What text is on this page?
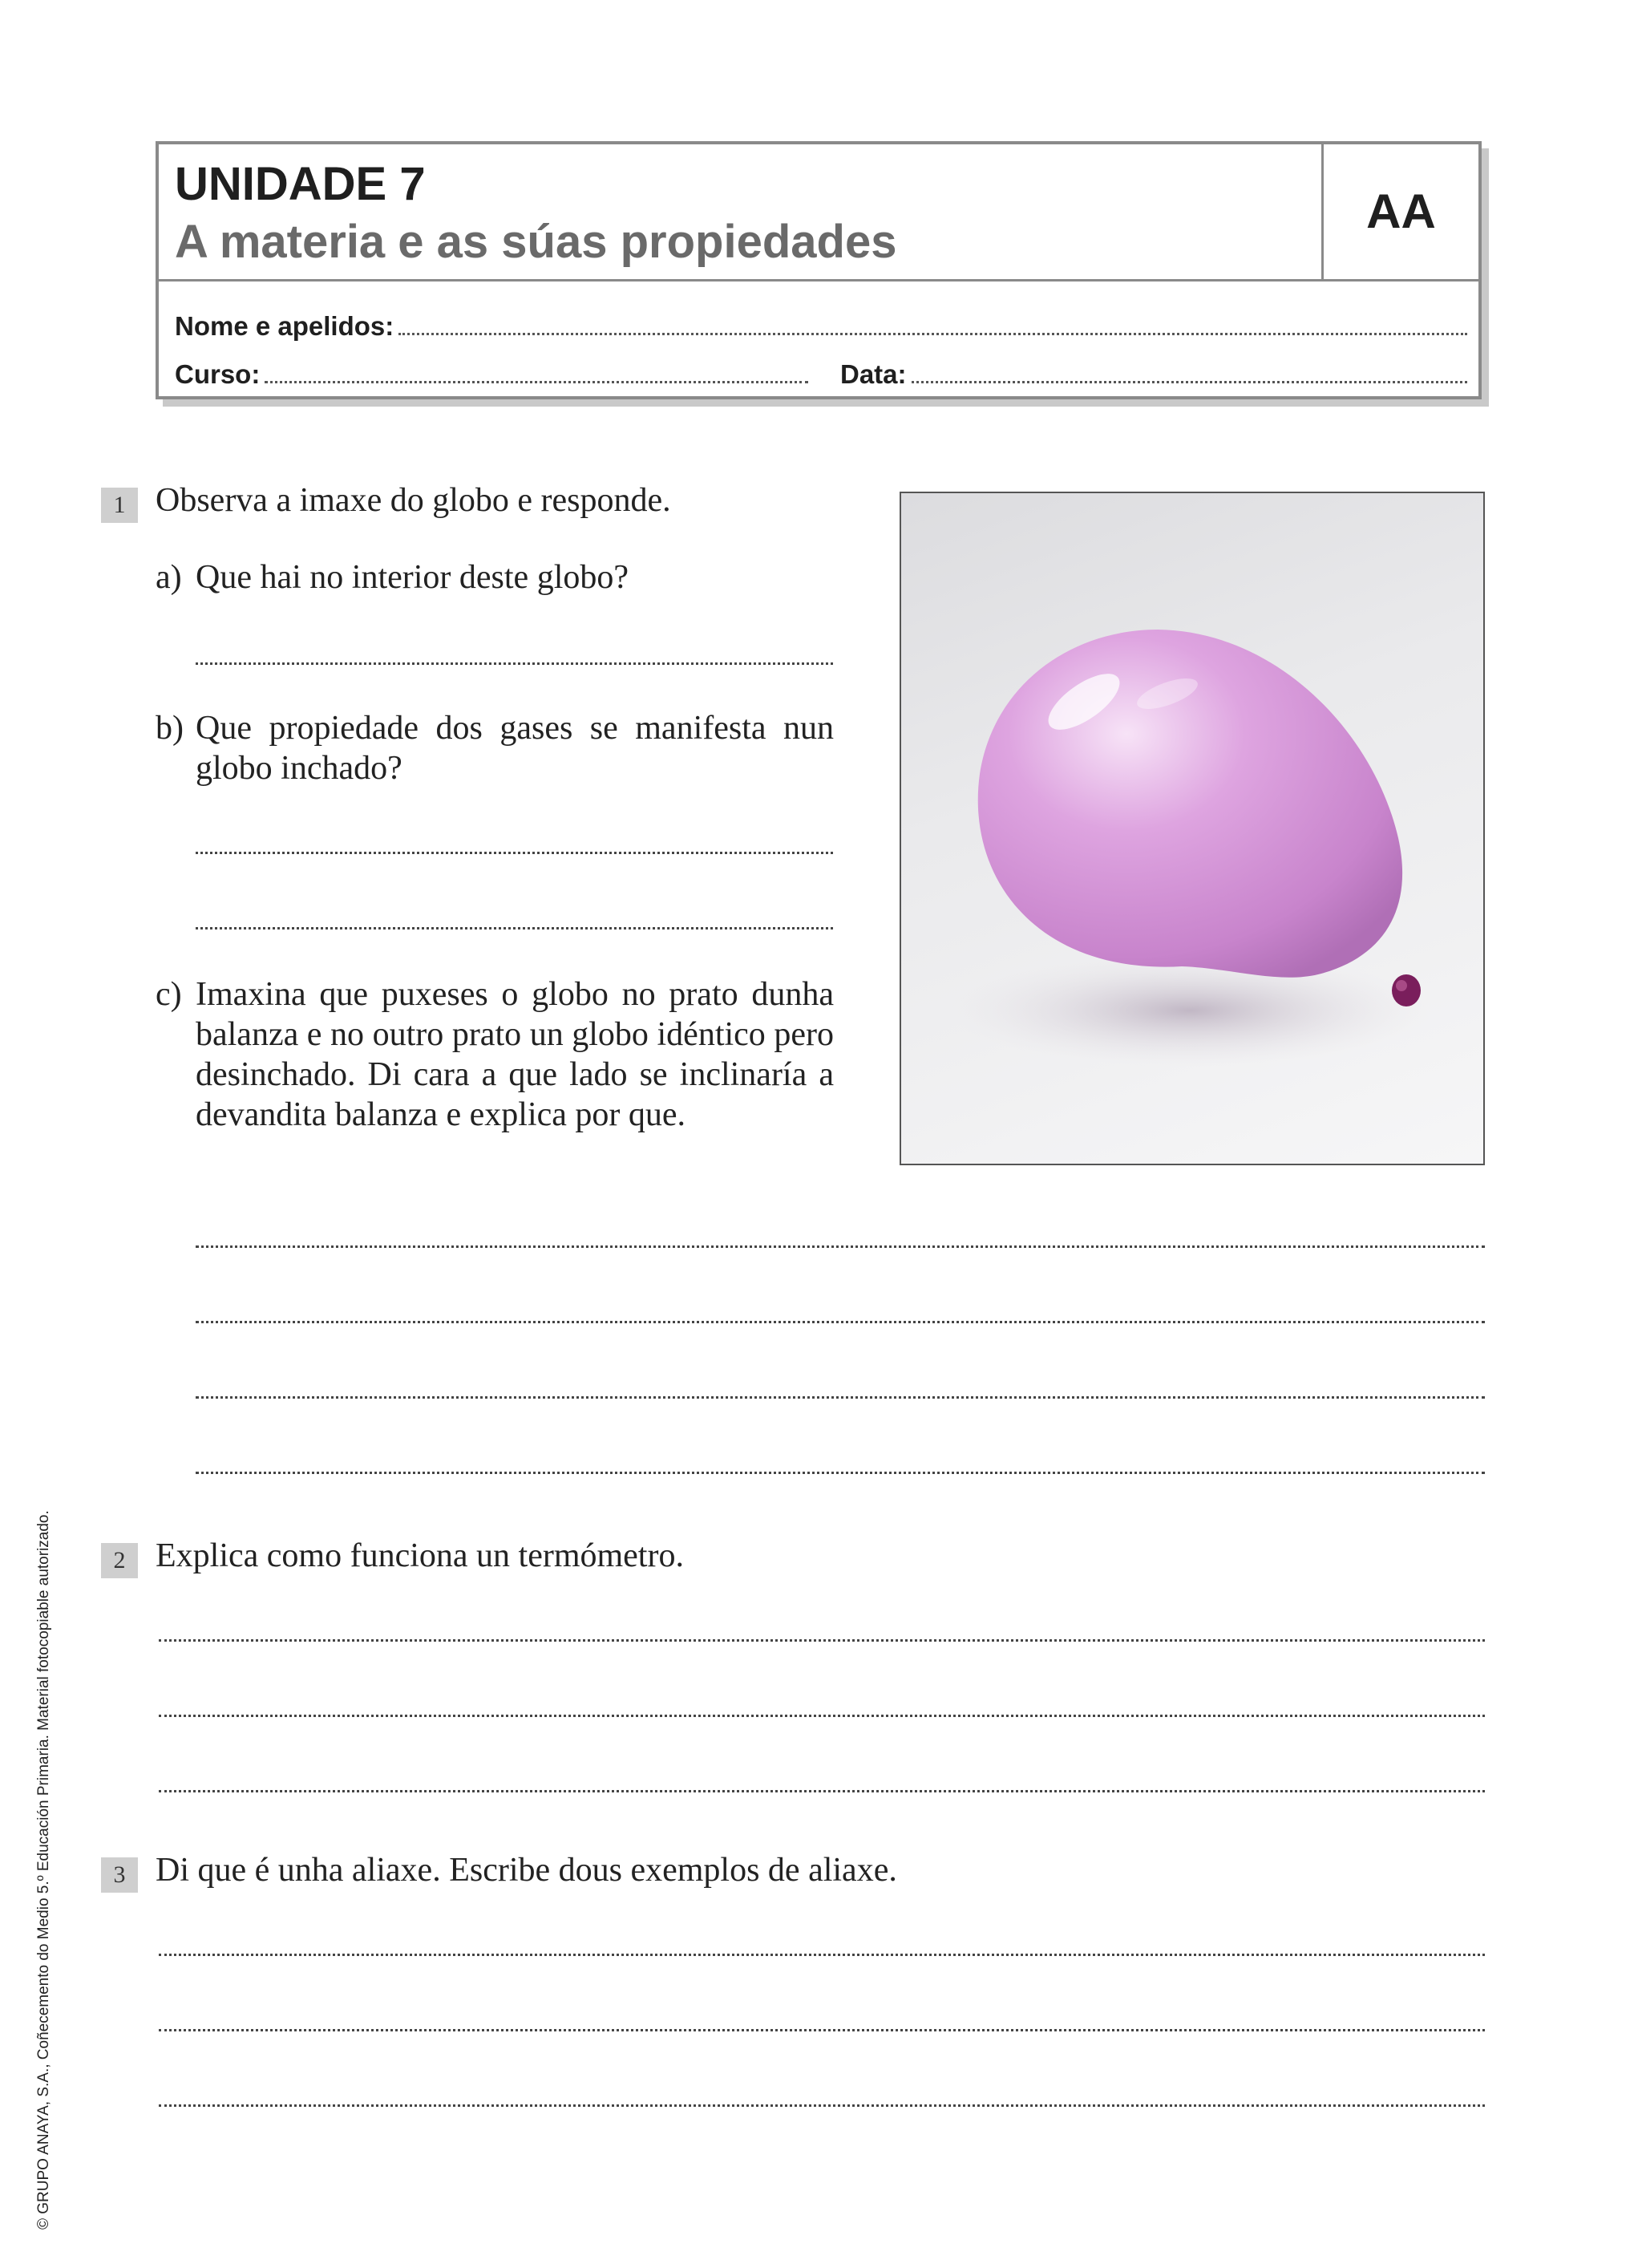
UNIDADE 7
A materia e as súas propiedades
AA
Nome e apelidos:
Curso:	Data:
1 Observa a imaxe do globo e responde.
a) Que hai no interior deste globo?
b) Que propiedade dos gases se manifesta nun globo inchado?
c) Imaxina que puxeses o globo no prato dunha balanza e no outro prato un globo idéntico pero desinchado. Di cara a que lado se inclinaría a devandita balanza e explica por que.
2 Explica como funciona un termómetro.
3 Di que é unha aliaxe. Escribe dous exemplos de aliaxe.
© GRUPO ANAYA, S.A., Coñecemento do Medio 5.º Educación Primaria. Material fotocopiable autorizado.
